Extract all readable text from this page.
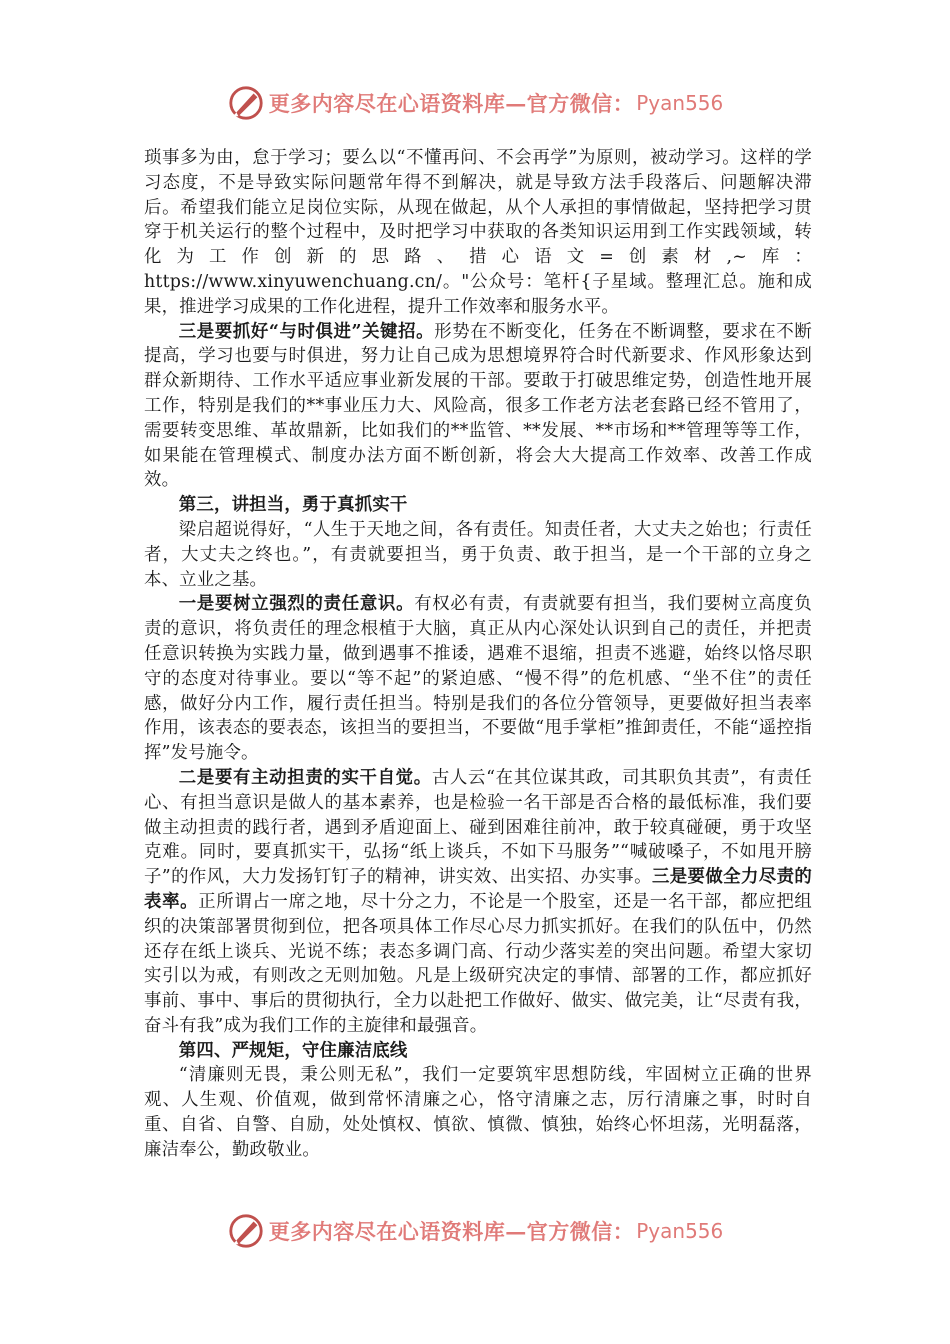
更多内容尽在心语资料库—官方微信： Pyan556

琐事多为由，怠于学习；要么以“不懂再问、不会再学”为原则，被动学习。这样的学习态度，不是导致实际问题常年得不到解决，就是导致方法手段落后、问题解决滞后。希望我们能立足岗位实际，从现在做起，从个人承担的事情做起，坚持把学习贯穿于机关运行的整个过程中，及时把学习中获取的各类知识运用到工作实践领域，转化为工作创新的思路、措心语文=创素材,~库：https://www.xinyuwenchuang.cn/。"公众号：笔杆{子星域。整理汇总。施和成果，推进学习成果的工作化进程，提升工作效率和服务水平。

三是要抓好“与时俱进”关键招。形势在不断变化，任务在不断调整，要求在不断提高，学习也要与时俱进，努力让自己成为思想境界符合时代新要求、作风形象达到群众新期待、工作水平适应事业新发展的干部。要敢于打破思维定势，创造性地开展工作，特别是我们的**事业压力大、风险高，很多工作老方法老套路已经不管用了，需要转变思维、革故鼎新，比如我们的**监管、**发展、**市场和**管理等等工作，如果能在管理模式、制度办法方面不断创新，将会大大提高工作效率、改善工作成效。

第三，讲担当，勇于真抓实干

梁启超说得好，“人生于天地之间，各有责任。知责任者，大丈夫之始也；行责任者，大丈夫之终也。”，有责就要担当，勇于负责、敢于担当，是一个干部的立身之本、立业之基。

一是要树立强烈的责任意识。有权必有责，有责就要有担当，我们要树立高度负责的意识，将负责任的理念根植于大脑，真正从内心深处认识到自己的责任，并把责任意识转换为实践力量，做到遇事不推诿，遇难不退缩，担责不逃避，始终以恪尽职守的态度对待事业。要以“等不起”的紧迫感、“慢不得”的危机感、“坐不住”的责任感，做好分内工作，履行责任担当。特别是我们的各位分管领导，更要做好担当表率作用，该表态的要表态，该担当的要担当，不要做“甩手掌柜”推卸责任，不能“遥控指挥”发号施令。

二是要有主动担责的实干自觉。古人云“在其位谋其政，司其职负其责”，有责任心、有担当意识是做人的基本素养，也是检验一名干部是否合格的最低标准，我们要做主动担责的践行者，遇到矛盾迎面上、碰到困难往前冲，敢于较真碰硬，勇于攻坚克难。同时，要真抓实干，弘扬“纸上谈兵，不如下马服务”“喊破嗓子，不如甩开膀子”的作风，大力发扬钉钉子的精神，讲实效、出实招、办实事。三是要做全力尽责的表率。正所谓占一席之地，尽十分之力，不论是一个股室，还是一名干部，都应把组织的决策部署贯彻到位，把各项具体工作尽心尽力抓实抓好。在我们的队伍中，仍然还存在纸上谈兵、光说不练；表态多调门高、行动少落实差的突出问题。希望大家切实引以为戒，有则改之无则加勉。凡是上级研究决定的事情、部署的工作，都应抓好事前、事中、事后的贯彻执行，全力以赴把工作做好、做实、做完美，让“尽责有我，奋斗有我”成为我们工作的主旋律和最强音。

第四、严规矩，守住廉洁底线

“清廉则无畏，秉公则无私”，我们一定要筑牢思想防线，牢固树立正确的世界观、人生观、价值观，做到常怀清廉之心，恪守清廉之志，厉行清廉之事，时时自重、自省、自警、自励，处处慎权、慎欲、慎微、慎独，始终心怀坦荡，光明磊落，廉洁奉公，勤政敬业。

更多内容尽在心语资料库—官方微信： Pyan556
